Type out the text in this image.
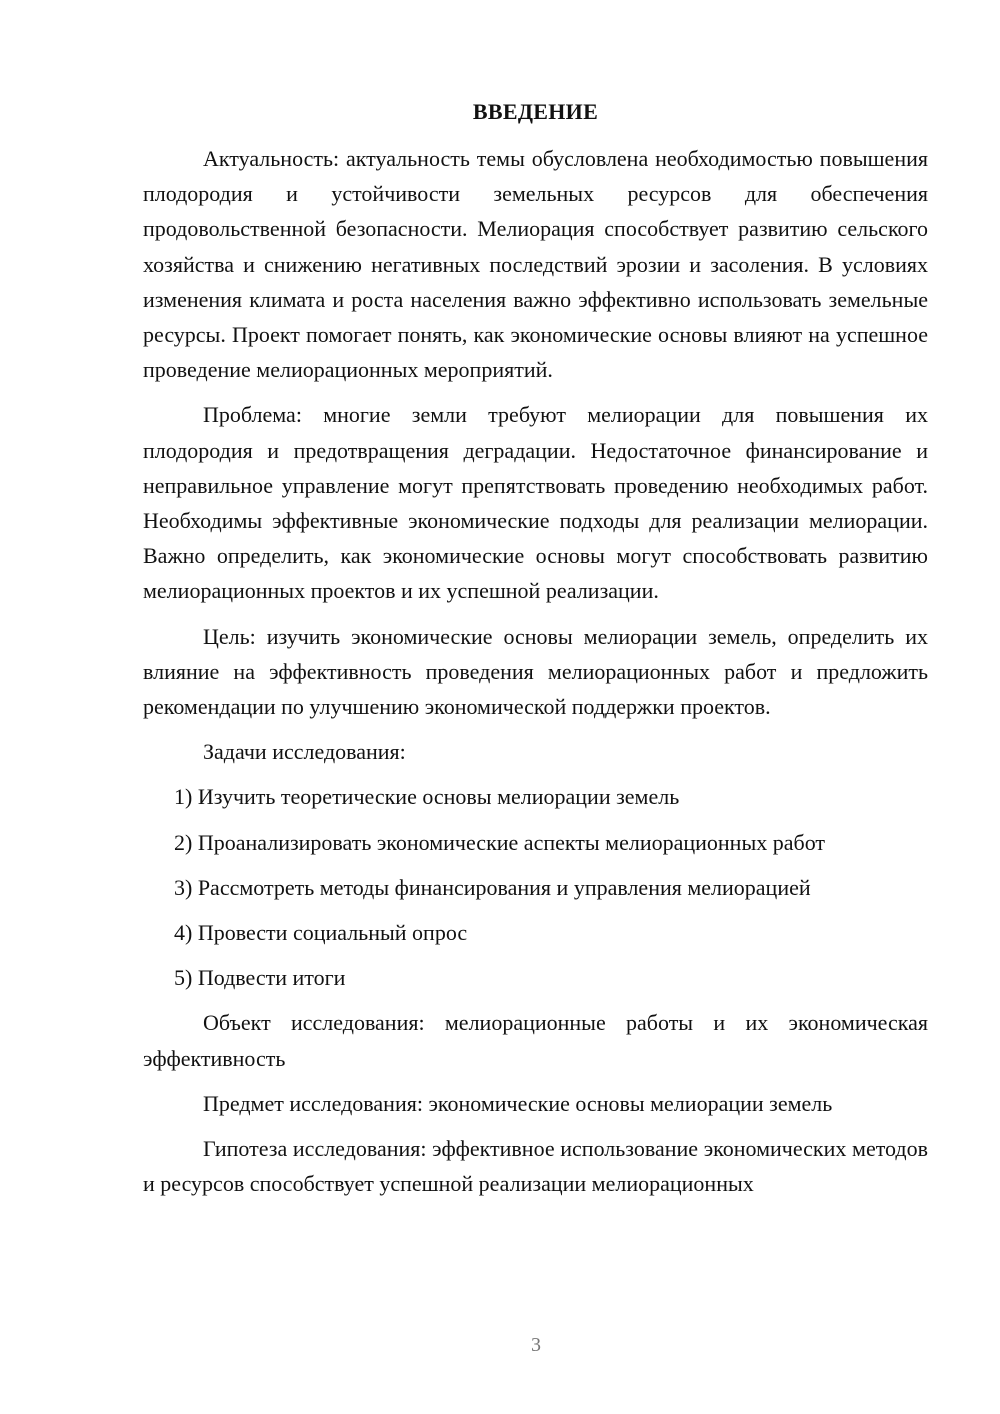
ВВЕДЕНИЕ

Актуальность: актуальность темы обусловлена необходимостью повышения плодородия и устойчивости земельных ресурсов для обеспечения продовольственной безопасности. Мелиорация способствует развитию сельского хозяйства и снижению негативных последствий эрозии и засоления. В условиях изменения климата и роста населения важно эффективно использовать земельные ресурсы. Проект помогает понять, как экономические основы влияют на успешное проведение мелиорационных мероприятий.

Проблема: многие земли требуют мелиорации для повышения их плодородия и предотвращения деградации. Недостаточное финансирование и неправильное управление могут препятствовать проведению необходимых работ. Необходимы эффективные экономические подходы для реализации мелиорации. Важно определить, как экономические основы могут способствовать развитию мелиорационных проектов и их успешной реализации.

Цель: изучить экономические основы мелиорации земель, определить их влияние на эффективность проведения мелиорационных работ и предложить рекомендации по улучшению экономической поддержки проектов.

Задачи исследования:

1) Изучить теоретические основы мелиорации земель
2) Проанализировать экономические аспекты мелиорационных работ
3) Рассмотреть методы финансирования и управления мелиорацией
4) Провести социальный опрос
5) Подвести итоги

Объект исследования: мелиорационные работы и их экономическая эффективность

Предмет исследования: экономические основы мелиорации земель

Гипотеза исследования: эффективное использование экономических методов и ресурсов способствует успешной реализации мелиорационных

3
